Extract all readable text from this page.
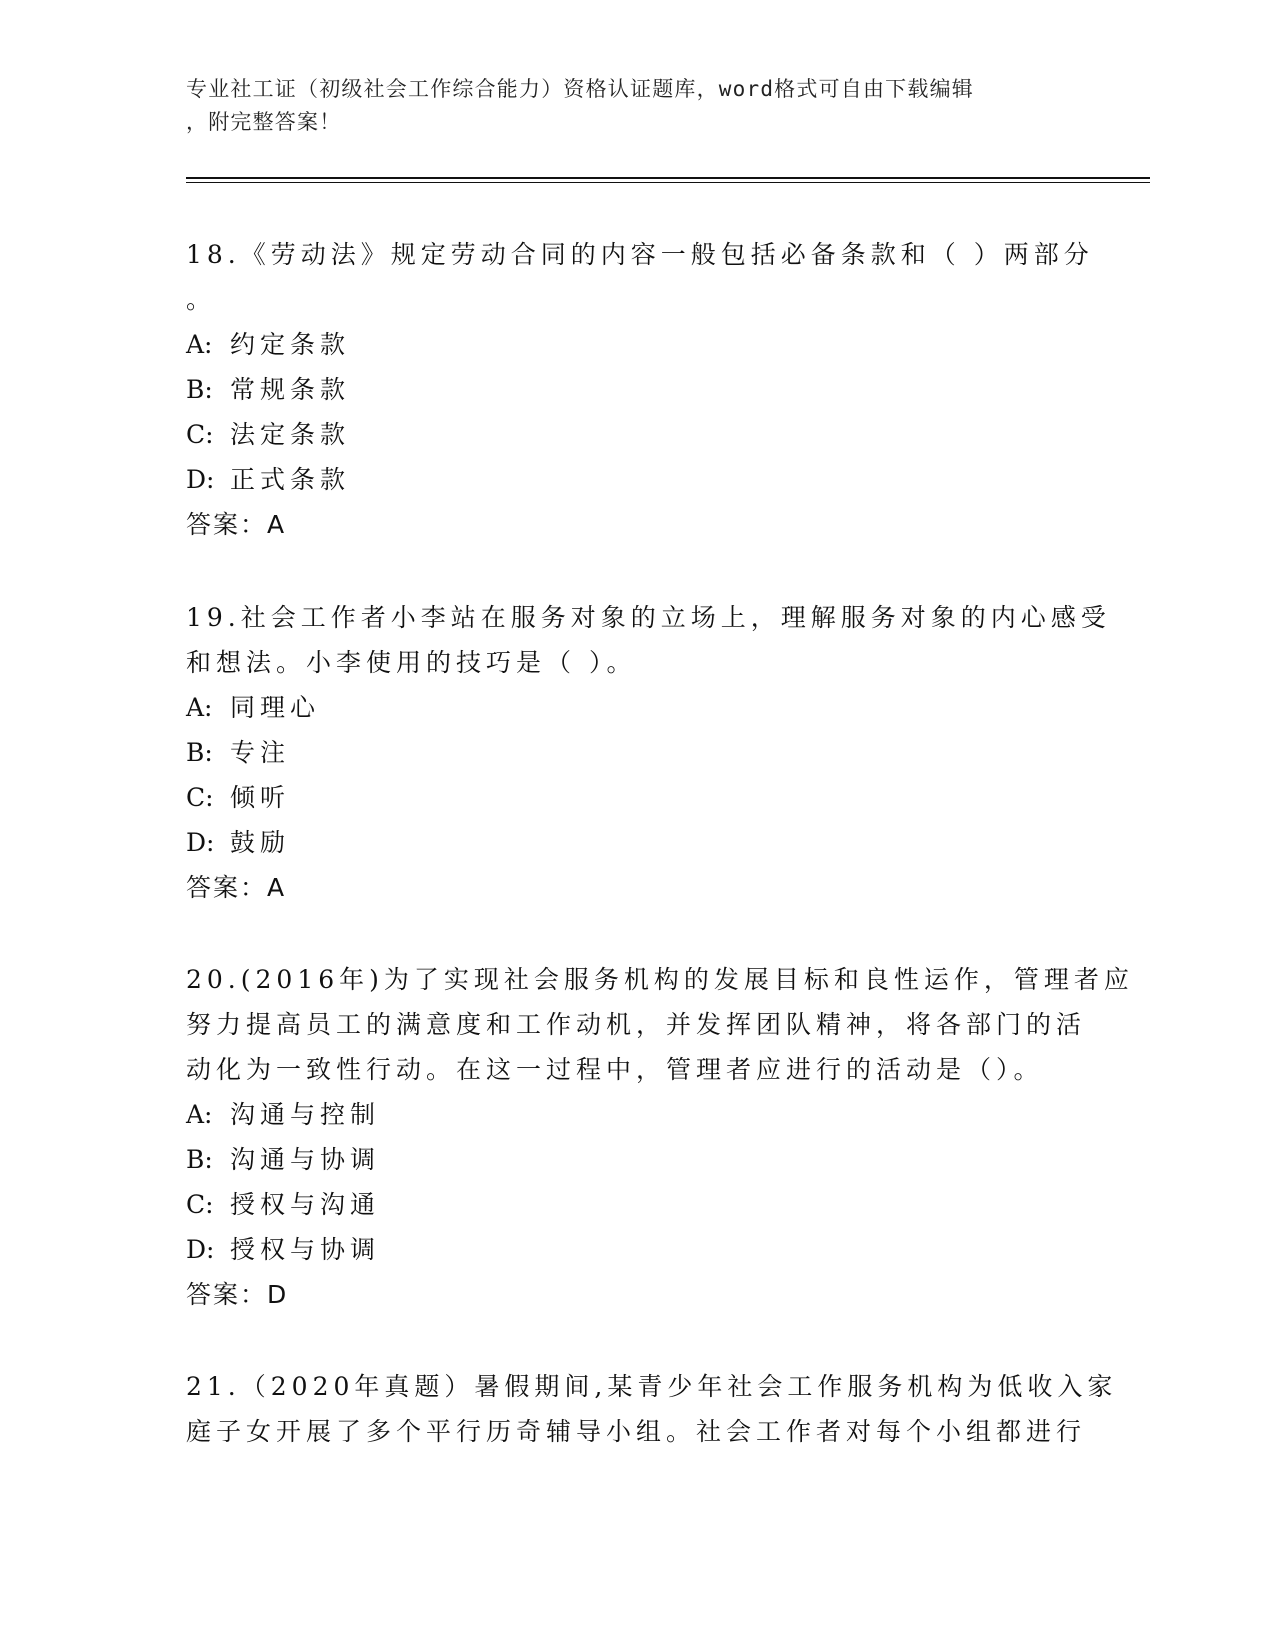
专业社工证（初级社会工作综合能力）资格认证题库，word格式可自由下载编辑
，附完整答案！
18.《劳动法》规定劳动合同的内容一般包括必备条款和（ ）两部分
。
A: 约定条款
B: 常规条款
C: 法定条款
D: 正式条款
答案：A
19.社会工作者小李站在服务对象的立场上，理解服务对象的内心感受
和想法。小李使用的技巧是（ ）。
A: 同理心
B: 专注
C: 倾听
D: 鼓励
答案：A
20.(2016年)为了实现社会服务机构的发展目标和良性运作，管理者应
努力提高员工的满意度和工作动机，并发挥团队精神，将各部门的活
动化为一致性行动。在这一过程中，管理者应进行的活动是（）。
A: 沟通与控制
B: 沟通与协调
C: 授权与沟通
D: 授权与协调
答案：D
21.（2020年真题）暑假期间,某青少年社会工作服务机构为低收入家
庭子女开展了多个平行历奇辅导小组。社会工作者对每个小组都进行
